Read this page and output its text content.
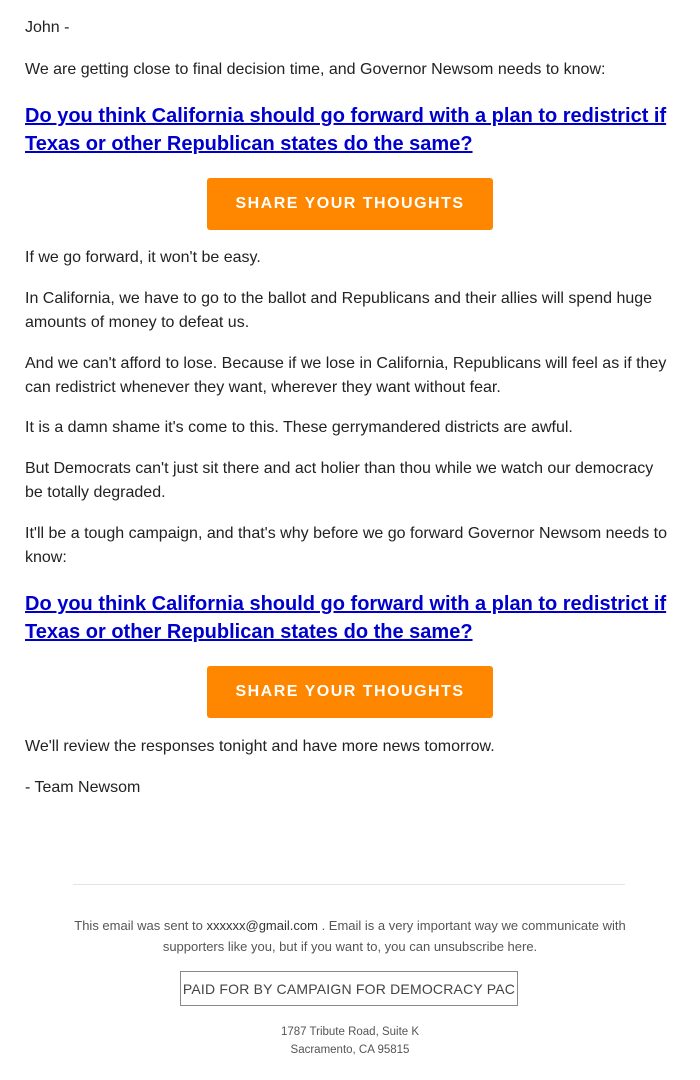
John -

We are getting close to final decision time, and Governor Newsom needs to know:

Do you think California should go forward with a plan to redistrict if Texas or other Republican states do the same?

SHARE YOUR THOUGHTS

If we go forward, it won't be easy.

In California, we have to go to the ballot and Republicans and their allies will spend huge amounts of money to defeat us.

And we can't afford to lose. Because if we lose in California, Republicans will feel as if they can redistrict whenever they want, wherever they want without fear.

It is a damn shame it's come to this. These gerrymandered districts are awful.

But Democrats can't just sit there and act holier than thou while we watch our democracy be totally degraded.

It'll be a tough campaign, and that's why before we go forward Governor Newsom needs to know:

Do you think California should go forward with a plan to redistrict if Texas or other Republican states do the same?

SHARE YOUR THOUGHTS

We'll review the responses tonight and have more news tomorrow.

- Team Newsom

This email was sent to xxxxxx@gmail.com . Email is a very important way we communicate with supporters like you, but if you want to, you can unsubscribe here.

PAID FOR BY CAMPAIGN FOR DEMOCRACY PAC

1787 Tribute Road, Suite K
Sacramento, CA 95815
